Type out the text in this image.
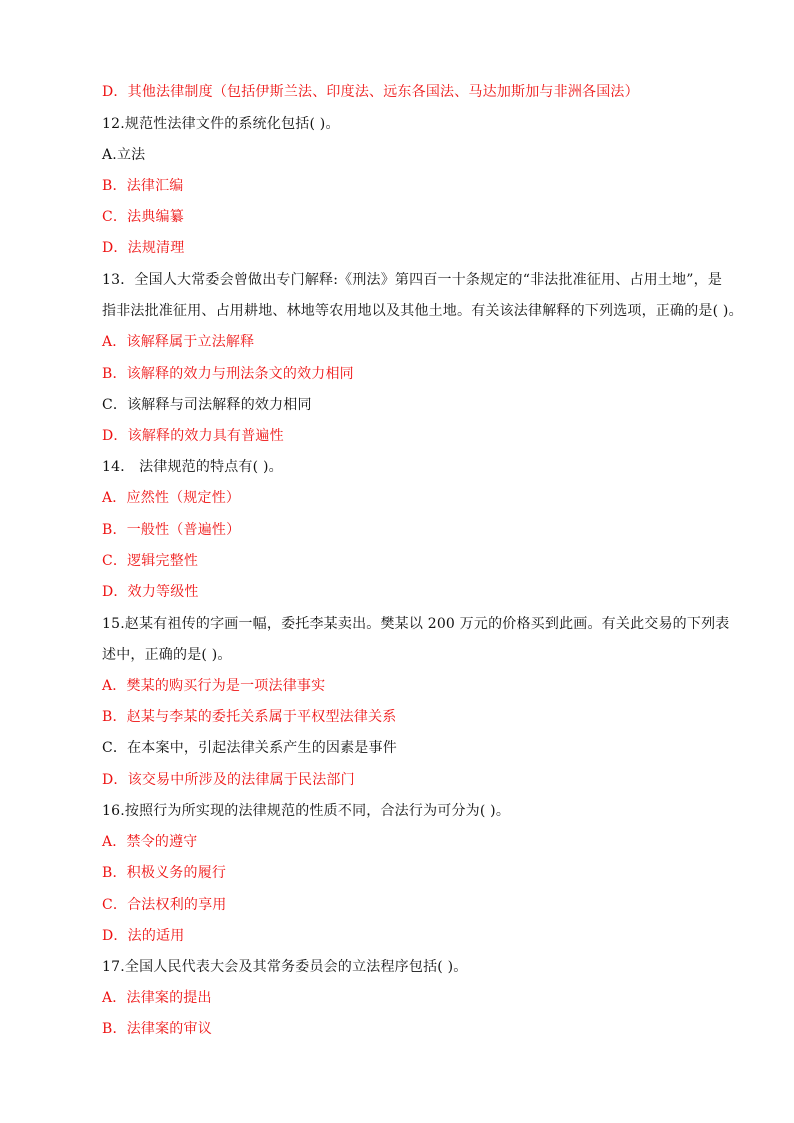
D．其他法律制度（包括伊斯兰法、印度法、远东各国法、马达加斯加与非洲各国法）
12.规范性法律文件的系统化包括( )。
A.立法
B．法律汇编
C．法典编纂
D．法规清理
13．全国人大常委会曾做出专门解释:《刑法》第四百一十条规定的“非法批准征用、占用土地”，是
指非法批准征用、占用耕地、林地等农用地以及其他土地。有关该法律解释的下列选项，正确的是( )。
A．该解释属于立法解释
B．该解释的效力与刑法条文的效力相同
C．该解释与司法解释的效力相同
D．该解释的效力具有普遍性
14． 法律规范的特点有( )。
A．应然性（规定性）
B．一般性（普遍性）
C．逻辑完整性
D．效力等级性
15.赵某有祖传的字画一幅，委托李某卖出。樊某以 200 万元的价格买到此画。有关此交易的下列表
述中，正确的是( )。
A．樊某的购买行为是一项法律事实
B．赵某与李某的委托关系属于平权型法律关系
C．在本案中，引起法律关系产生的因素是事件
D．该交易中所涉及的法律属于民法部门
16.按照行为所实现的法律规范的性质不同，合法行为可分为( )。
A．禁令的遵守
B．积极义务的履行
C．合法权利的享用
D．法的适用
17.全国人民代表大会及其常务委员会的立法程序包括( )。
A．法律案的提出
B．法律案的审议
